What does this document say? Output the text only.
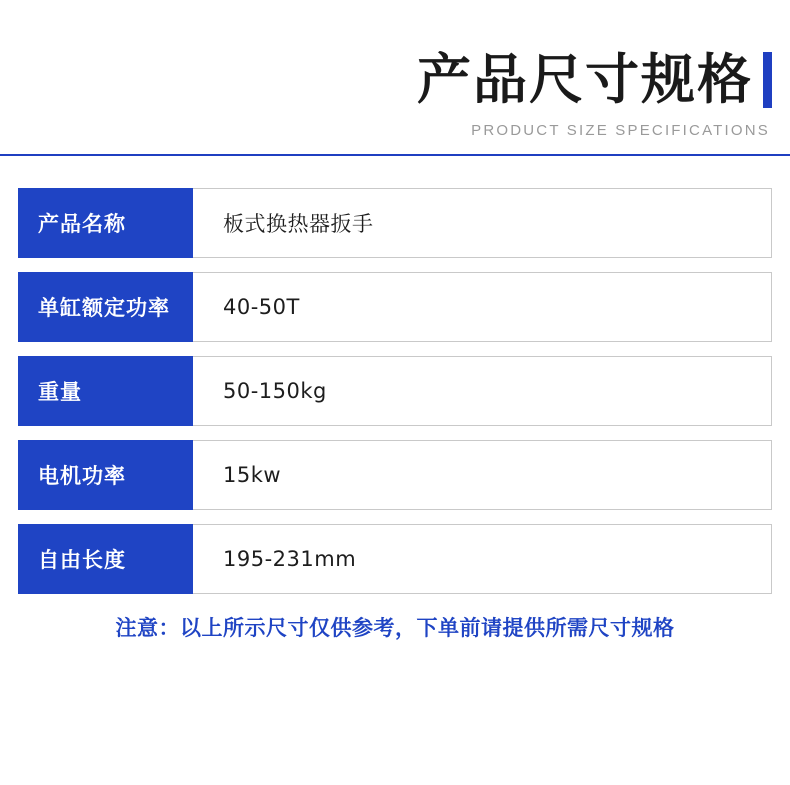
产品尺寸规格
PRODUCT SIZE SPECIFICATIONS
产品名称	板式换热器扳手
单缸额定功率	40-50T
重量	50-150kg
电机功率	15kw
自由长度	195-231mm
注意：以上所示尺寸仅供参考，下单前请提供所需尺寸规格
